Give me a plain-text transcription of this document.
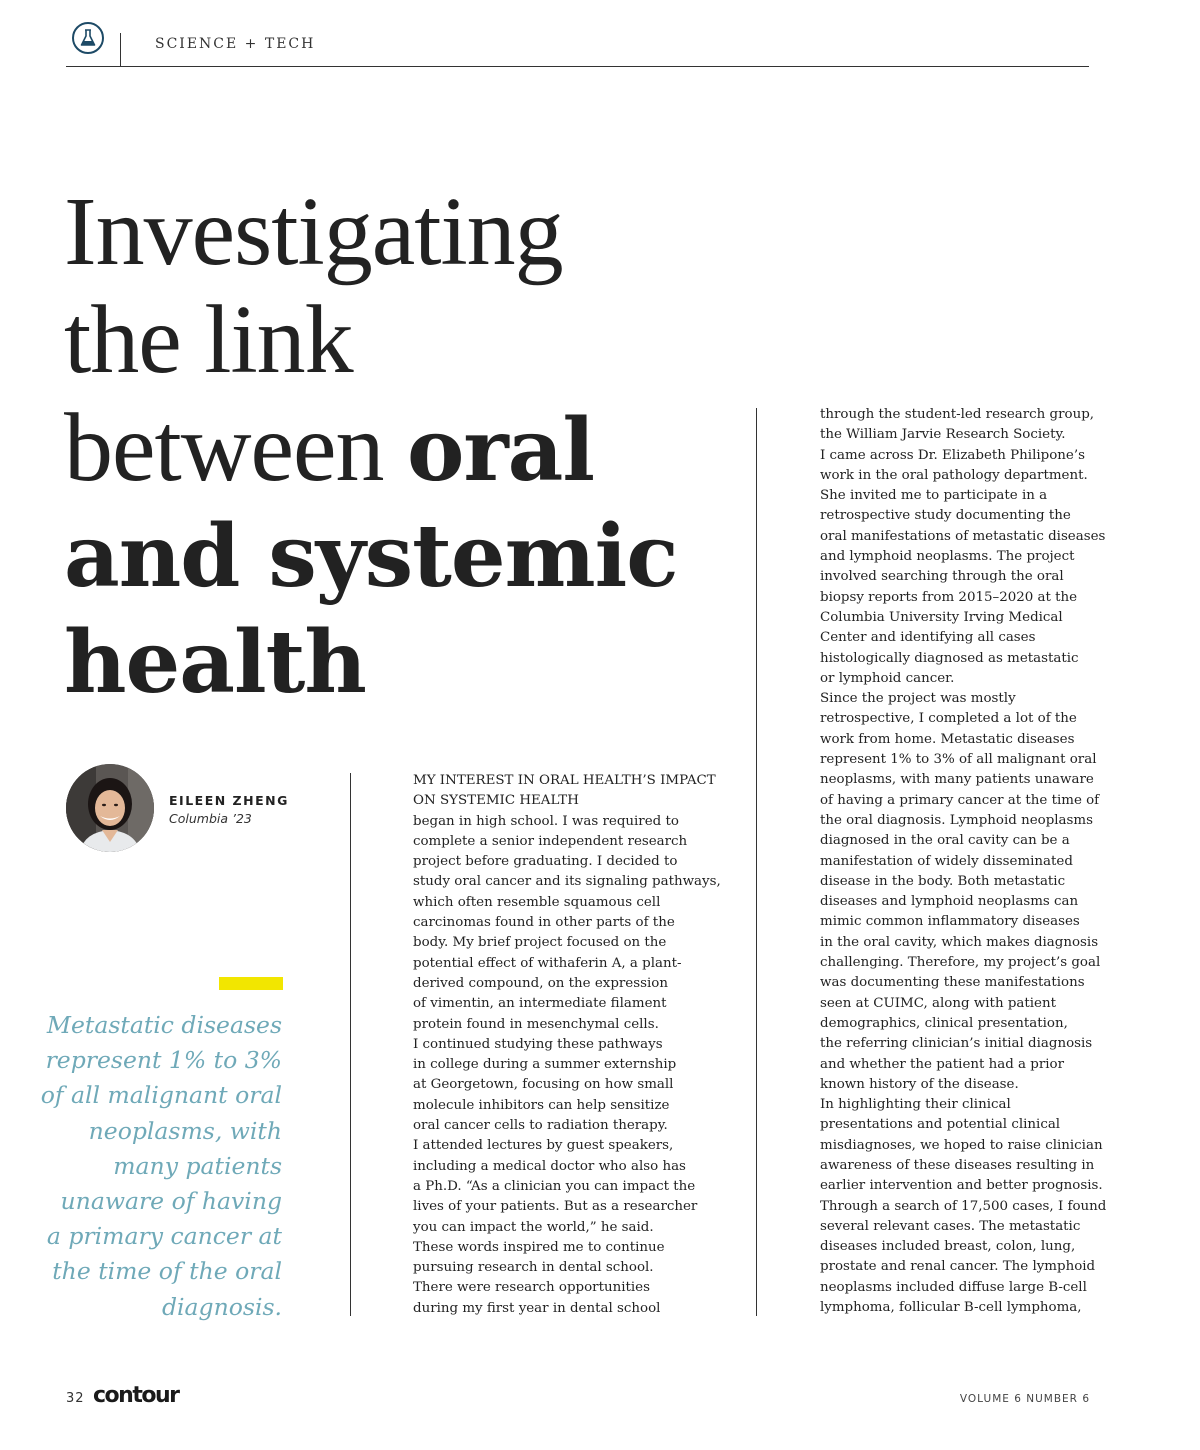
SCIENCE + TECH
Investigating
the link
between oral
and systemic
health
EILEEN ZHENG
Columbia ’23

Metastatic diseases represent 1% to 3% of all malignant oral neoplasms, with many patients unaware of having a primary cancer at the time of the oral diagnosis.

MY INTEREST IN ORAL HEALTH’S IMPACT ON SYSTEMIC HEALTH
began in high school. I was required to
complete a senior independent research
project before graduating. I decided to
study oral cancer and its signaling pathways,
which often resemble squamous cell
carcinomas found in other parts of the
body. My brief project focused on the
potential effect of withaferin A, a plant-
derived compound, on the expression
of vimentin, an intermediate filament
protein found in mesenchymal cells.
I continued studying these pathways
in college during a summer externship
at Georgetown, focusing on how small
molecule inhibitors can help sensitize
oral cancer cells to radiation therapy.
I attended lectures by guest speakers,
including a medical doctor who also has
a Ph.D. “As a clinician you can impact the
lives of your patients. But as a researcher
you can impact the world,” he said.
These words inspired me to continue
pursuing research in dental school.
There were research opportunities
during my first year in dental school
through the student-led research group,
the William Jarvie Research Society.
I came across Dr. Elizabeth Philipone’s
work in the oral pathology department.
She invited me to participate in a
retrospective study documenting the
oral manifestations of metastatic diseases
and lymphoid neoplasms. The project
involved searching through the oral
biopsy reports from 2015–2020 at the
Columbia University Irving Medical
Center and identifying all cases
histologically diagnosed as metastatic
or lymphoid cancer.
Since the project was mostly
retrospective, I completed a lot of the
work from home. Metastatic diseases
represent 1% to 3% of all malignant oral
neoplasms, with many patients unaware
of having a primary cancer at the time of
the oral diagnosis. Lymphoid neoplasms
diagnosed in the oral cavity can be a
manifestation of widely disseminated
disease in the body. Both metastatic
diseases and lymphoid neoplasms can
mimic common inflammatory diseases
in the oral cavity, which makes diagnosis
challenging. Therefore, my project’s goal
was documenting these manifestations
seen at CUIMC, along with patient
demographics, clinical presentation,
the referring clinician’s initial diagnosis
and whether the patient had a prior
known history of the disease.
In highlighting their clinical
presentations and potential clinical
misdiagnoses, we hoped to raise clinician
awareness of these diseases resulting in
earlier intervention and better prognosis.
Through a search of 17,500 cases, I found
several relevant cases. The metastatic
diseases included breast, colon, lung,
prostate and renal cancer. The lymphoid
neoplasms included diffuse large B-cell
lymphoma, follicular B-cell lymphoma,
32 contour	VOLUME 6 NUMBER 6
